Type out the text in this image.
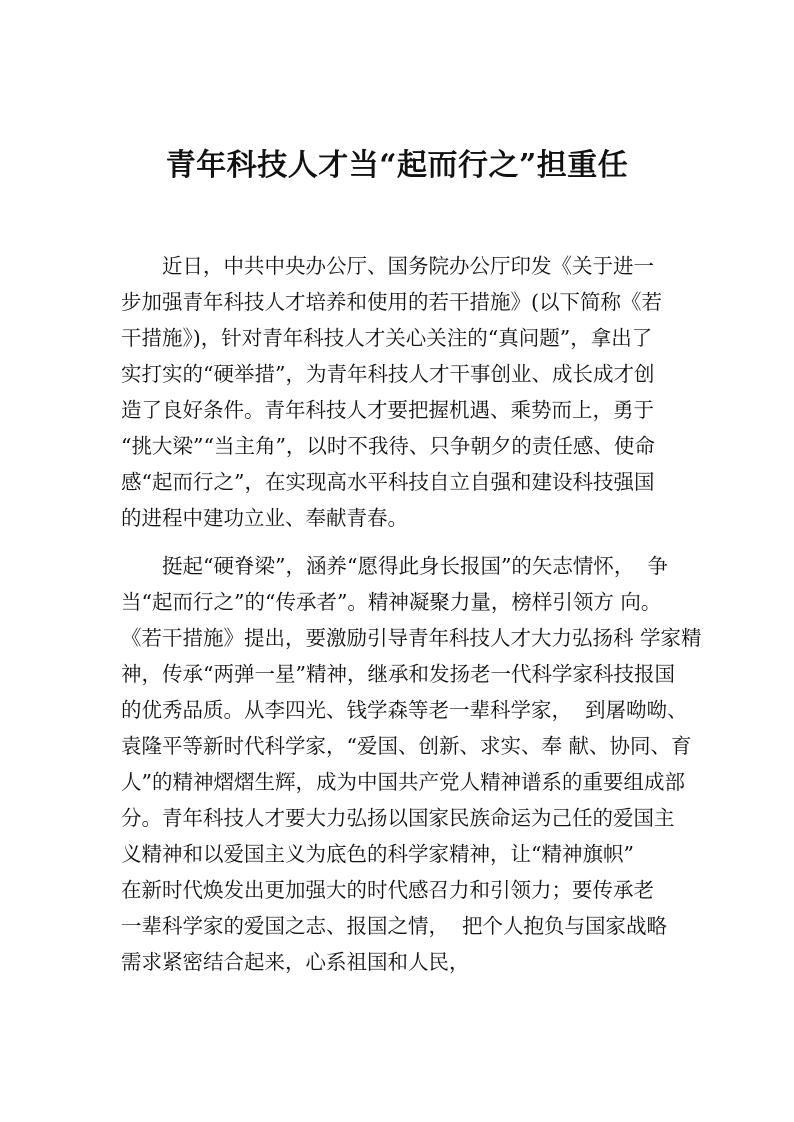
青年科技人才当“起而行之”担重任
　　近日，中共中央办公厅、国务院办公厅印发《关于进一
步加强青年科技人才培养和使用的若干措施》(以下简称《若
干措施》)，针对青年科技人才关心关注的“真问题”，拿出了
实打实的“硬举措”，为青年科技人才干事创业、成长成才创
造了良好条件。青年科技人才要把握机遇、乘势而上，勇于
“挑大梁”“当主角”，以时不我待、只争朝夕的责任感、使命
感“起而行之”，在实现高水平科技自立自强和建设科技强国
的进程中建功立业、奉献青春。
　　挺起“硬脊梁”，涵养“愿得此身长报国”的矢志情怀，  争
当“起而行之”的“传承者”。精神凝聚力量，榜样引领方 向。
《若干措施》提出，要激励引导青年科技人才大力弘扬科 学家精
神，传承“两弹一星”精神，继承和发扬老一代科学家科技报国
的优秀品质。从李四光、钱学森等老一辈科学家，  到屠呦呦、
袁隆平等新时代科学家，“爱国、创新、求实、奉 献、协同、育
人”的精神熠熠生辉，成为中国共产党人精神谱系的重要组成部
分。青年科技人才要大力弘扬以国家民族命运为己任的爱国主
义精神和以爱国主义为底色的科学家精神，让“精神旗帜”
在新时代焕发出更加强大的时代感召力和引领力；要传承老
一辈科学家的爱国之志、报国之情，  把个人抱负与国家战略
需求紧密结合起来，心系祖国和人民，
